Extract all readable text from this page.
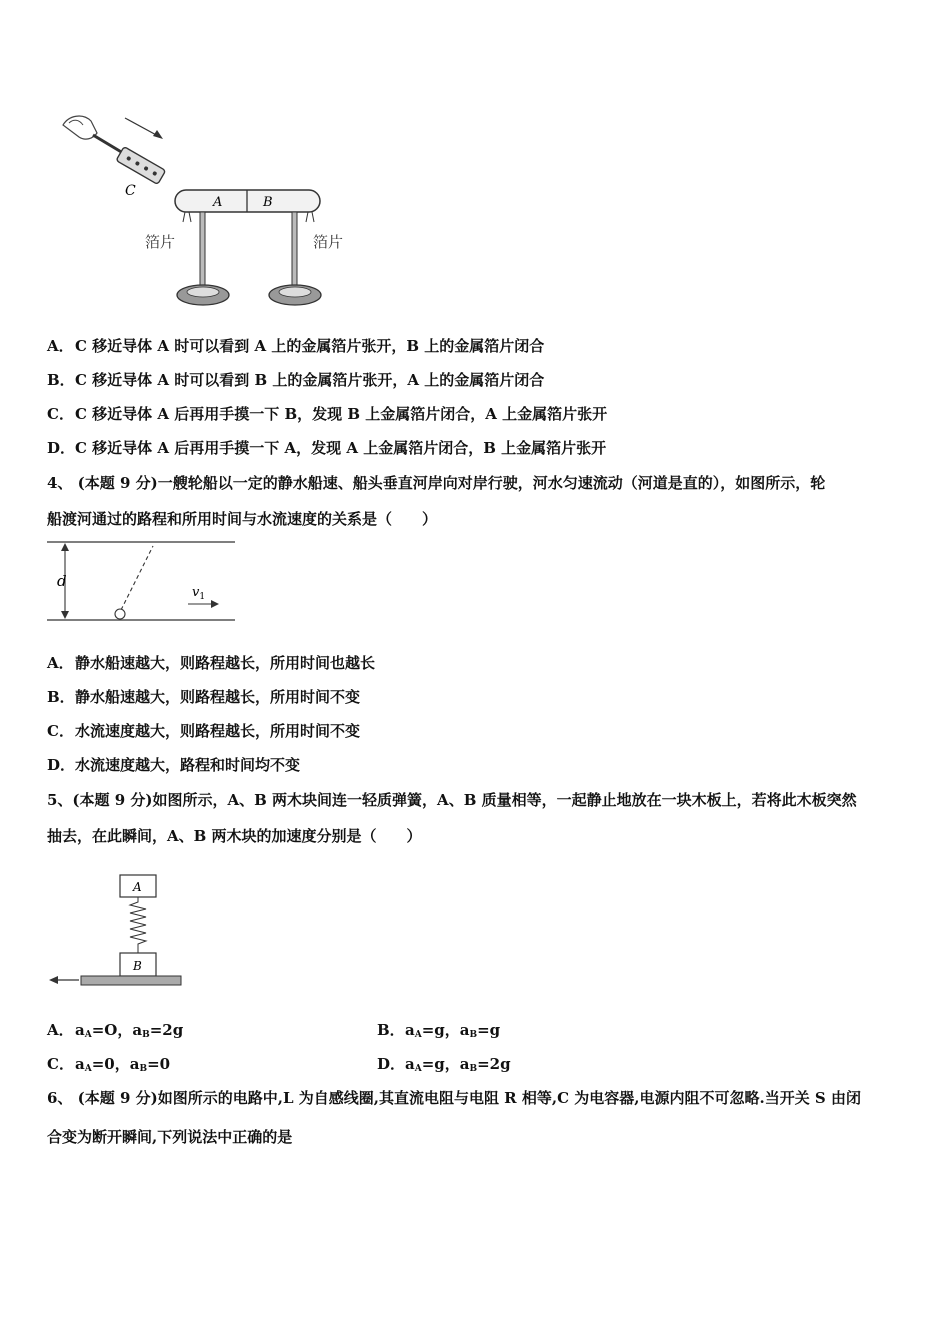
C
A	B
箔片	箔片
A．C 移近导体 A 时可以看到 A 上的金属箔片张开，B 上的金属箔片闭合
B．C 移近导体 A 时可以看到 B 上的金属箔片张开，A 上的金属箔片闭合
C．C 移近导体 A 后再用手摸一下 B，发现 B 上金属箔片闭合，A 上金属箔片张开
D．C 移近导体 A 后再用手摸一下 A，发现 A 上金属箔片闭合，B 上金属箔片张开
4、 (本题 9 分)一艘轮船以一定的静水船速、船头垂直河岸向对岸行驶，河水匀速流动（河道是直的），如图所示，轮
船渡河通过的路程和所用时间与水流速度的关系是（　　）
d
$v_1$
A．静水船速越大，则路程越长，所用时间也越长
B．静水船速越大，则路程越长，所用时间不变
C．水流速度越大，则路程越长，所用时间不变
D．水流速度越大，路程和时间均不变
5、(本题 9 分)如图所示，A、B 两木块间连一轻质弹簧，A、B 质量相等，一起静止地放在一块木板上，若将此木板突然
抽去，在此瞬间，A、B 两木块的加速度分别是（　　）
A
B
A．$a_A=O$，$a_B=2g$	B．$a_A=g$，$a_B=g$
C．$a_A=0$，$a_B=0$	D．$a_A=g$，$a_B=2g$
6、 (本题 9 分)如图所示的电路中,L 为自感线圈,其直流电阻与电阻 R 相等,C 为电容器,电源内阻不可忽略.当开关 S 由闭
合变为断开瞬间,下列说法中正确的是
